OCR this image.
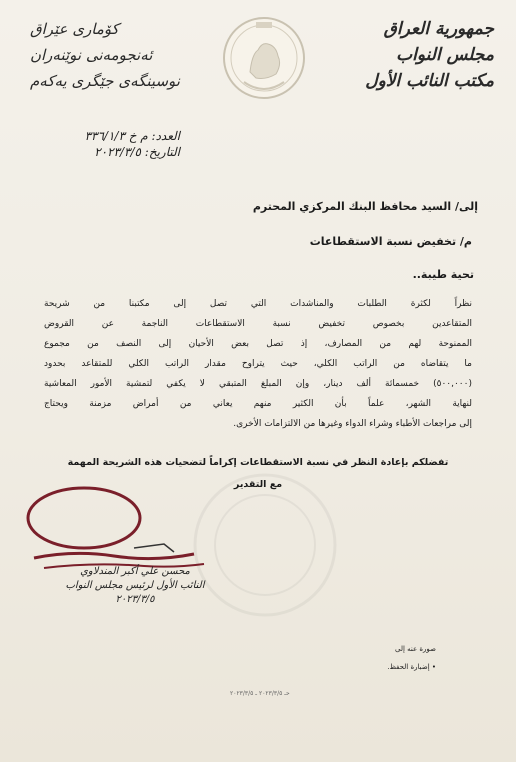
جمهورية العراق
مجلس النواب
مكتب النائب الأول
کۆماری عێراق
ئەنجومەنی نوێنەران
نوسینگەی جێگری یەکەم
العدد: م خ ٣٣٦/١/٣
التاريخ: ٢٠٢٣/٣/٥
إلى/ السيد محافظ البنك المركزي المحترم
م/ تخفيض نسبة الاستقطاعات
تحية طيبة..

نظراً لكثرة الطلبات والمناشدات التي تصل إلى مكتبنا من شريحة

المتقاعدين بخصوص تخفيض نسبة الاستقطاعات الناجمة عن القروض

الممنوحة لهم من المصارف، إذ تصل بعض الأحيان إلى النصف من مجموع

ما يتقاضاه من الراتب الكلي، حيث يتراوح مقدار الراتب الكلي للمتقاعد بحدود

(٥٠٠,٠٠٠) خمسمائة ألف دينار، وإن المبلغ المتبقي لا يكفي لتمشية الأمور المعاشية

لنهاية الشهر، علماً بأن الكثير منهم يعاني من أمراض مزمنة ويحتاج

إلى مراجعات الأطباء وشراء الدواء وغيرها من الالتزامات الأخرى.

تفضلكم بإعادة النظر في نسبة الاستقطاعات إكراماً لتضحيات هذه الشريحة المهمة
مع التقدير
محسن علي أكبر المندلاوي
النائب الأول لرئيس مجلس النواب
٢٠٢٣/٣/٥
صورة عنه إلى
• إضبارة الحفظ.
حـ ٢٠٢٣/٣/٥ ـ ٢٠٢٣/٣/٥
